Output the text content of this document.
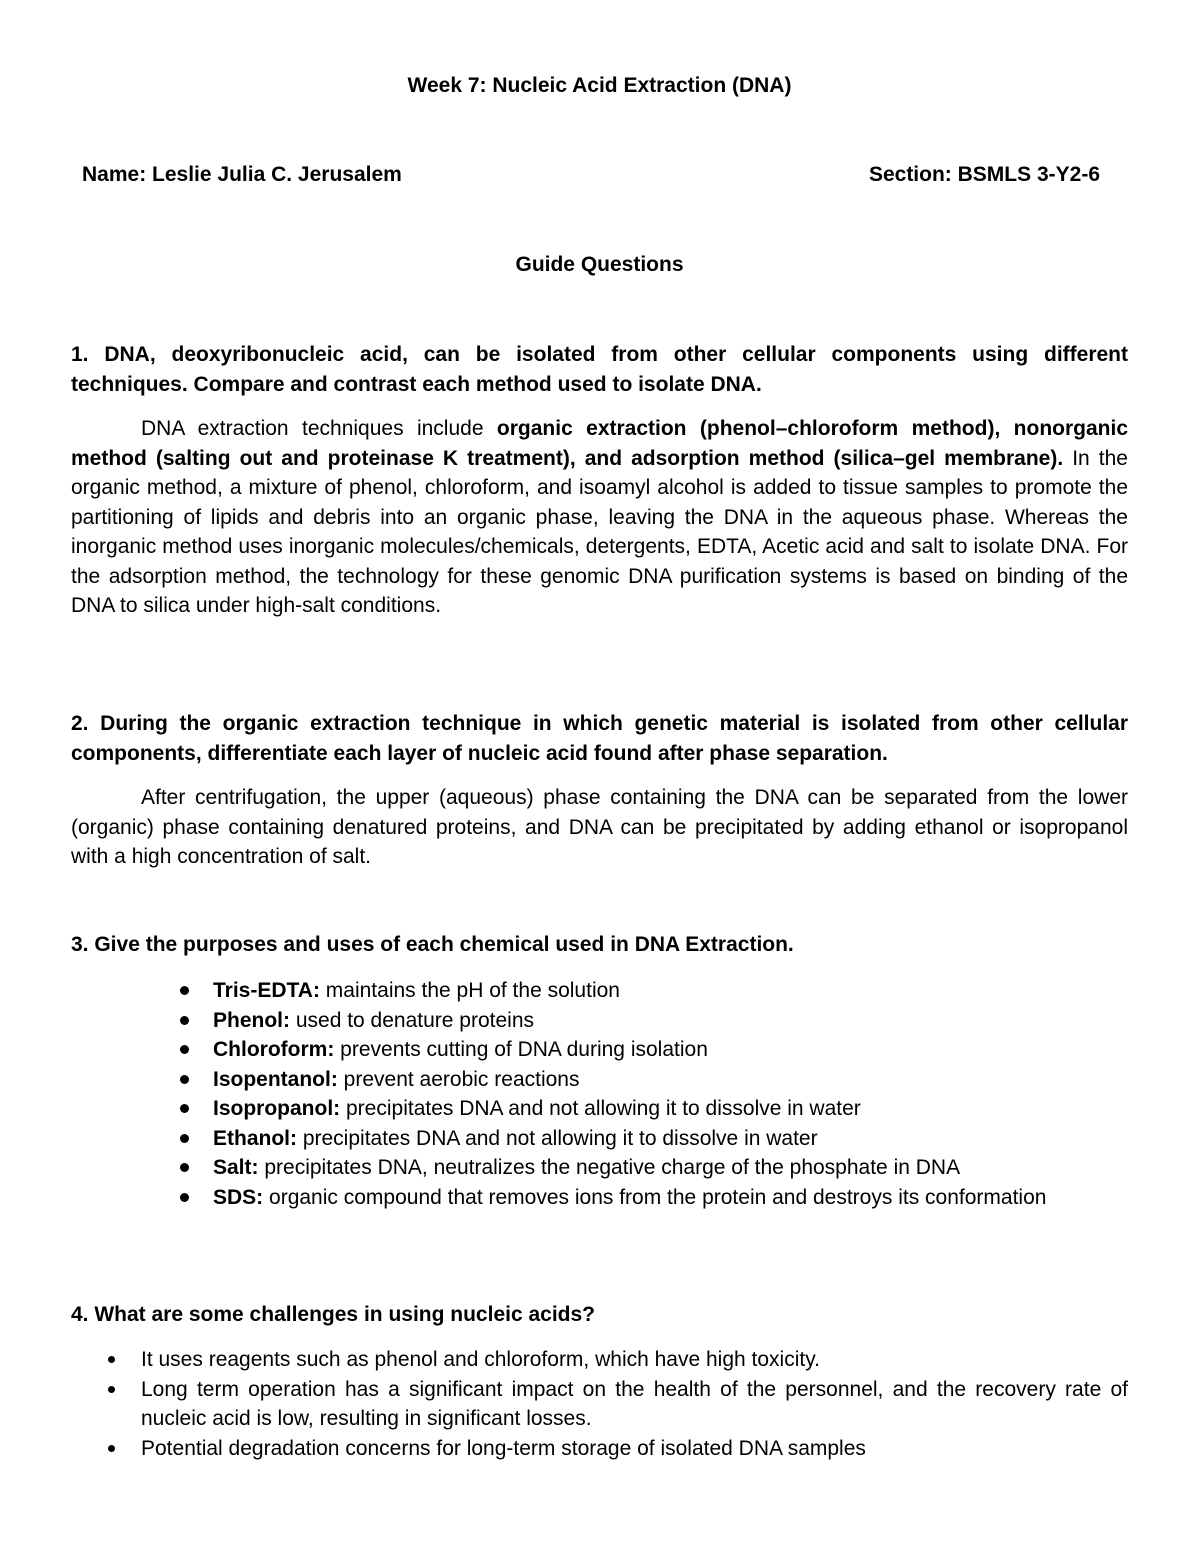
Week 7: Nucleic Acid Extraction (DNA)
Name: Leslie Julia C. Jerusalem	Section: BSMLS 3-Y2-6
Guide Questions
1. DNA, deoxyribonucleic acid, can be isolated from other cellular components using different techniques. Compare and contrast each method used to isolate DNA.
DNA extraction techniques include organic extraction (phenol–chloroform method), nonorganic method (salting out and proteinase K treatment), and adsorption method (silica–gel membrane). In the organic method, a mixture of phenol, chloroform, and isoamyl alcohol is added to tissue samples to promote the partitioning of lipids and debris into an organic phase, leaving the DNA in the aqueous phase. Whereas the inorganic method uses inorganic molecules/chemicals, detergents, EDTA, Acetic acid and salt to isolate DNA. For the adsorption method, the technology for these genomic DNA purification systems is based on binding of the DNA to silica under high-salt conditions.
2. During the organic extraction technique in which genetic material is isolated from other cellular components, differentiate each layer of nucleic acid found after phase separation.
After centrifugation, the upper (aqueous) phase containing the DNA can be separated from the lower (organic) phase containing denatured proteins, and DNA can be precipitated by adding ethanol or isopropanol with a high concentration of salt.
3. Give the purposes and uses of each chemical used in DNA Extraction.
Tris-EDTA: maintains the pH of the solution
Phenol: used to denature proteins
Chloroform: prevents cutting of DNA during isolation
Isopentanol: prevent aerobic reactions
Isopropanol: precipitates DNA and not allowing it to dissolve in water
Ethanol: precipitates DNA and not allowing it to dissolve in water
Salt: precipitates DNA, neutralizes the negative charge of the phosphate in DNA
SDS: organic compound that removes ions from the protein and destroys its conformation
4. What are some challenges in using nucleic acids?
It uses reagents such as phenol and chloroform, which have high toxicity.
Long term operation has a significant impact on the health of the personnel, and the recovery rate of nucleic acid is low, resulting in significant losses.
Potential degradation concerns for long-term storage of isolated DNA samples
